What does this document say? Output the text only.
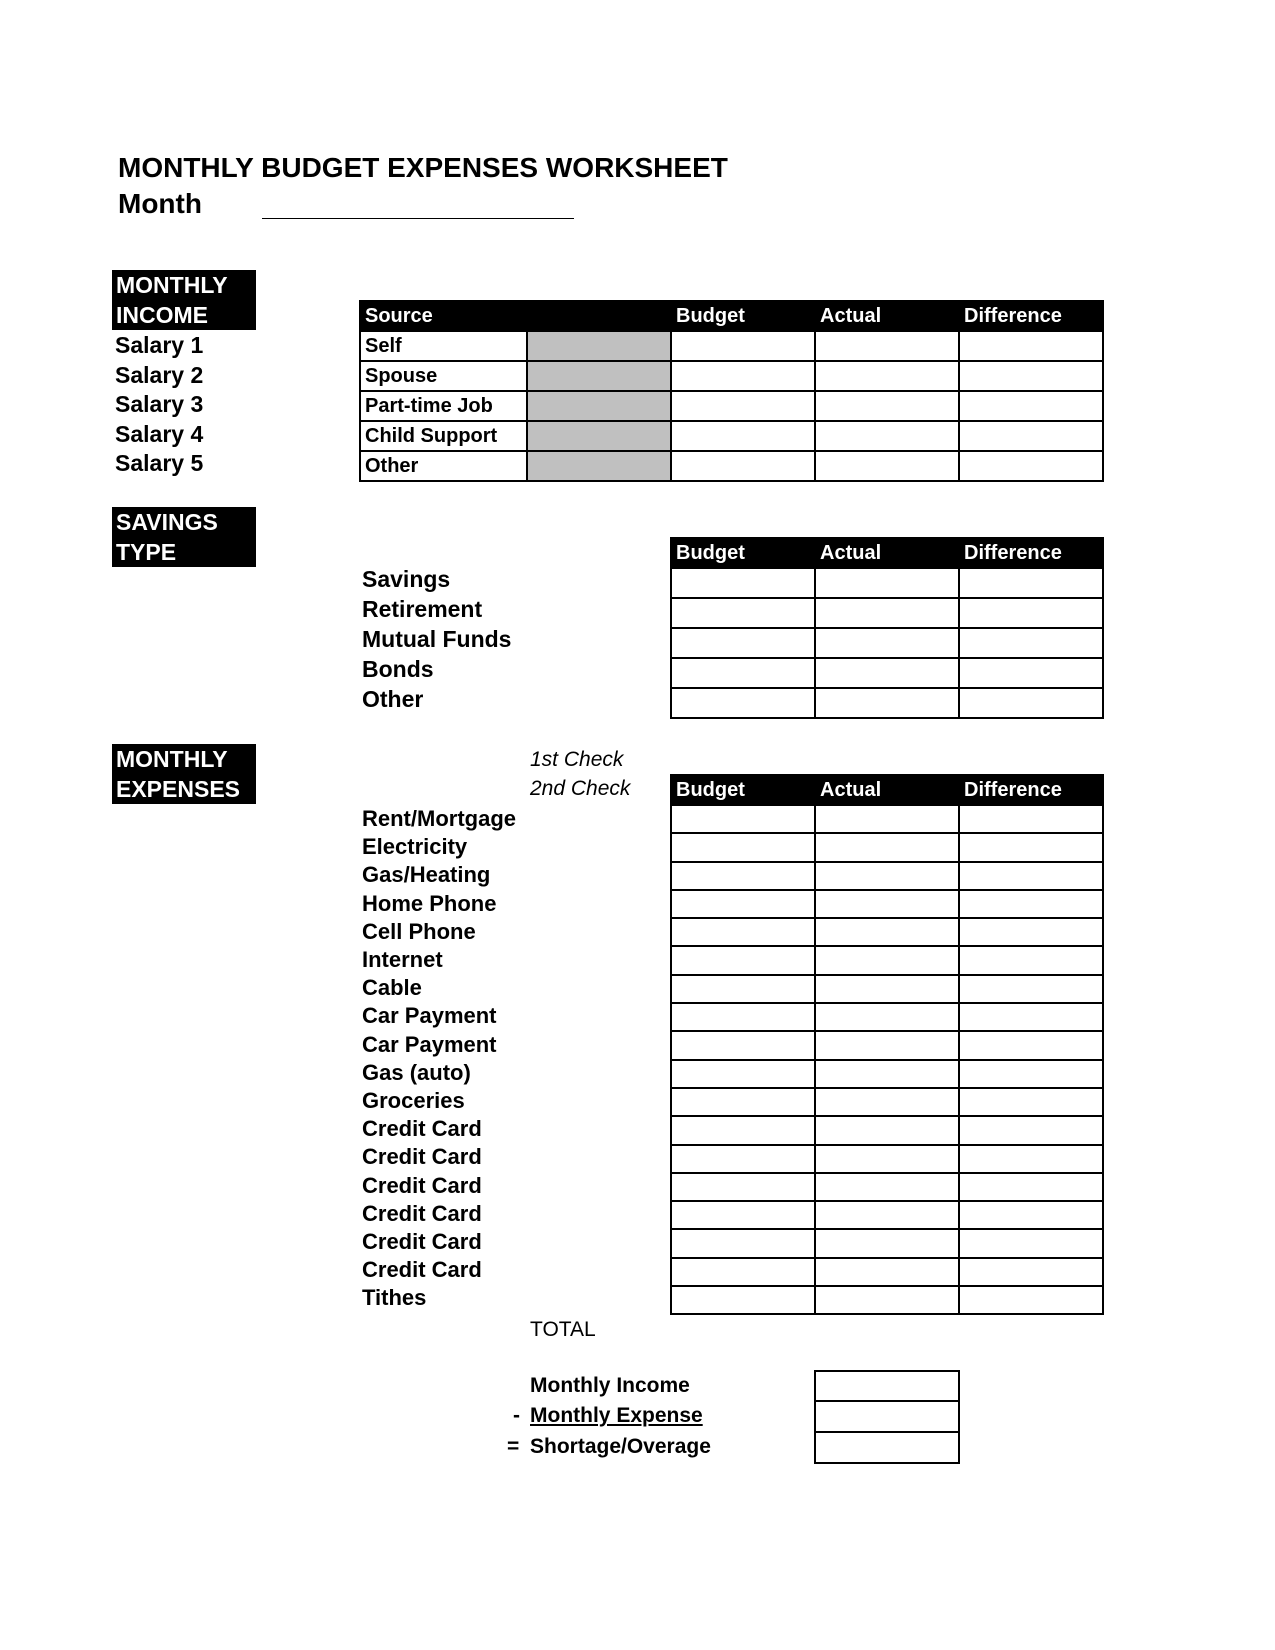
MONTHLY BUDGET EXPENSES WORKSHEET
Month
MONTHLY
INCOME
Salary 1
Salary 2
Salary 3
Salary 4
Salary 5
Source		Budget	Actual	Difference
Self				
Spouse				
Part-time Job				
Child Support				
Other				
SAVINGS
TYPE
Savings
Retirement
Mutual Funds
Bonds
Other
Budget	Actual	Difference

MONTHLY
EXPENSES
1st Check
2nd Check
Rent/Mortgage
Electricity
Gas/Heating
Home Phone
Cell Phone
Internet
Cable
Car Payment
Car Payment
Gas (auto)
Groceries
Credit Card
Credit Card
Credit Card
Credit Card
Credit Card
Credit Card
Tithes
Budget	Actual	Difference

TOTAL
Monthly Income
- Monthly Expense
= Shortage/Overage
